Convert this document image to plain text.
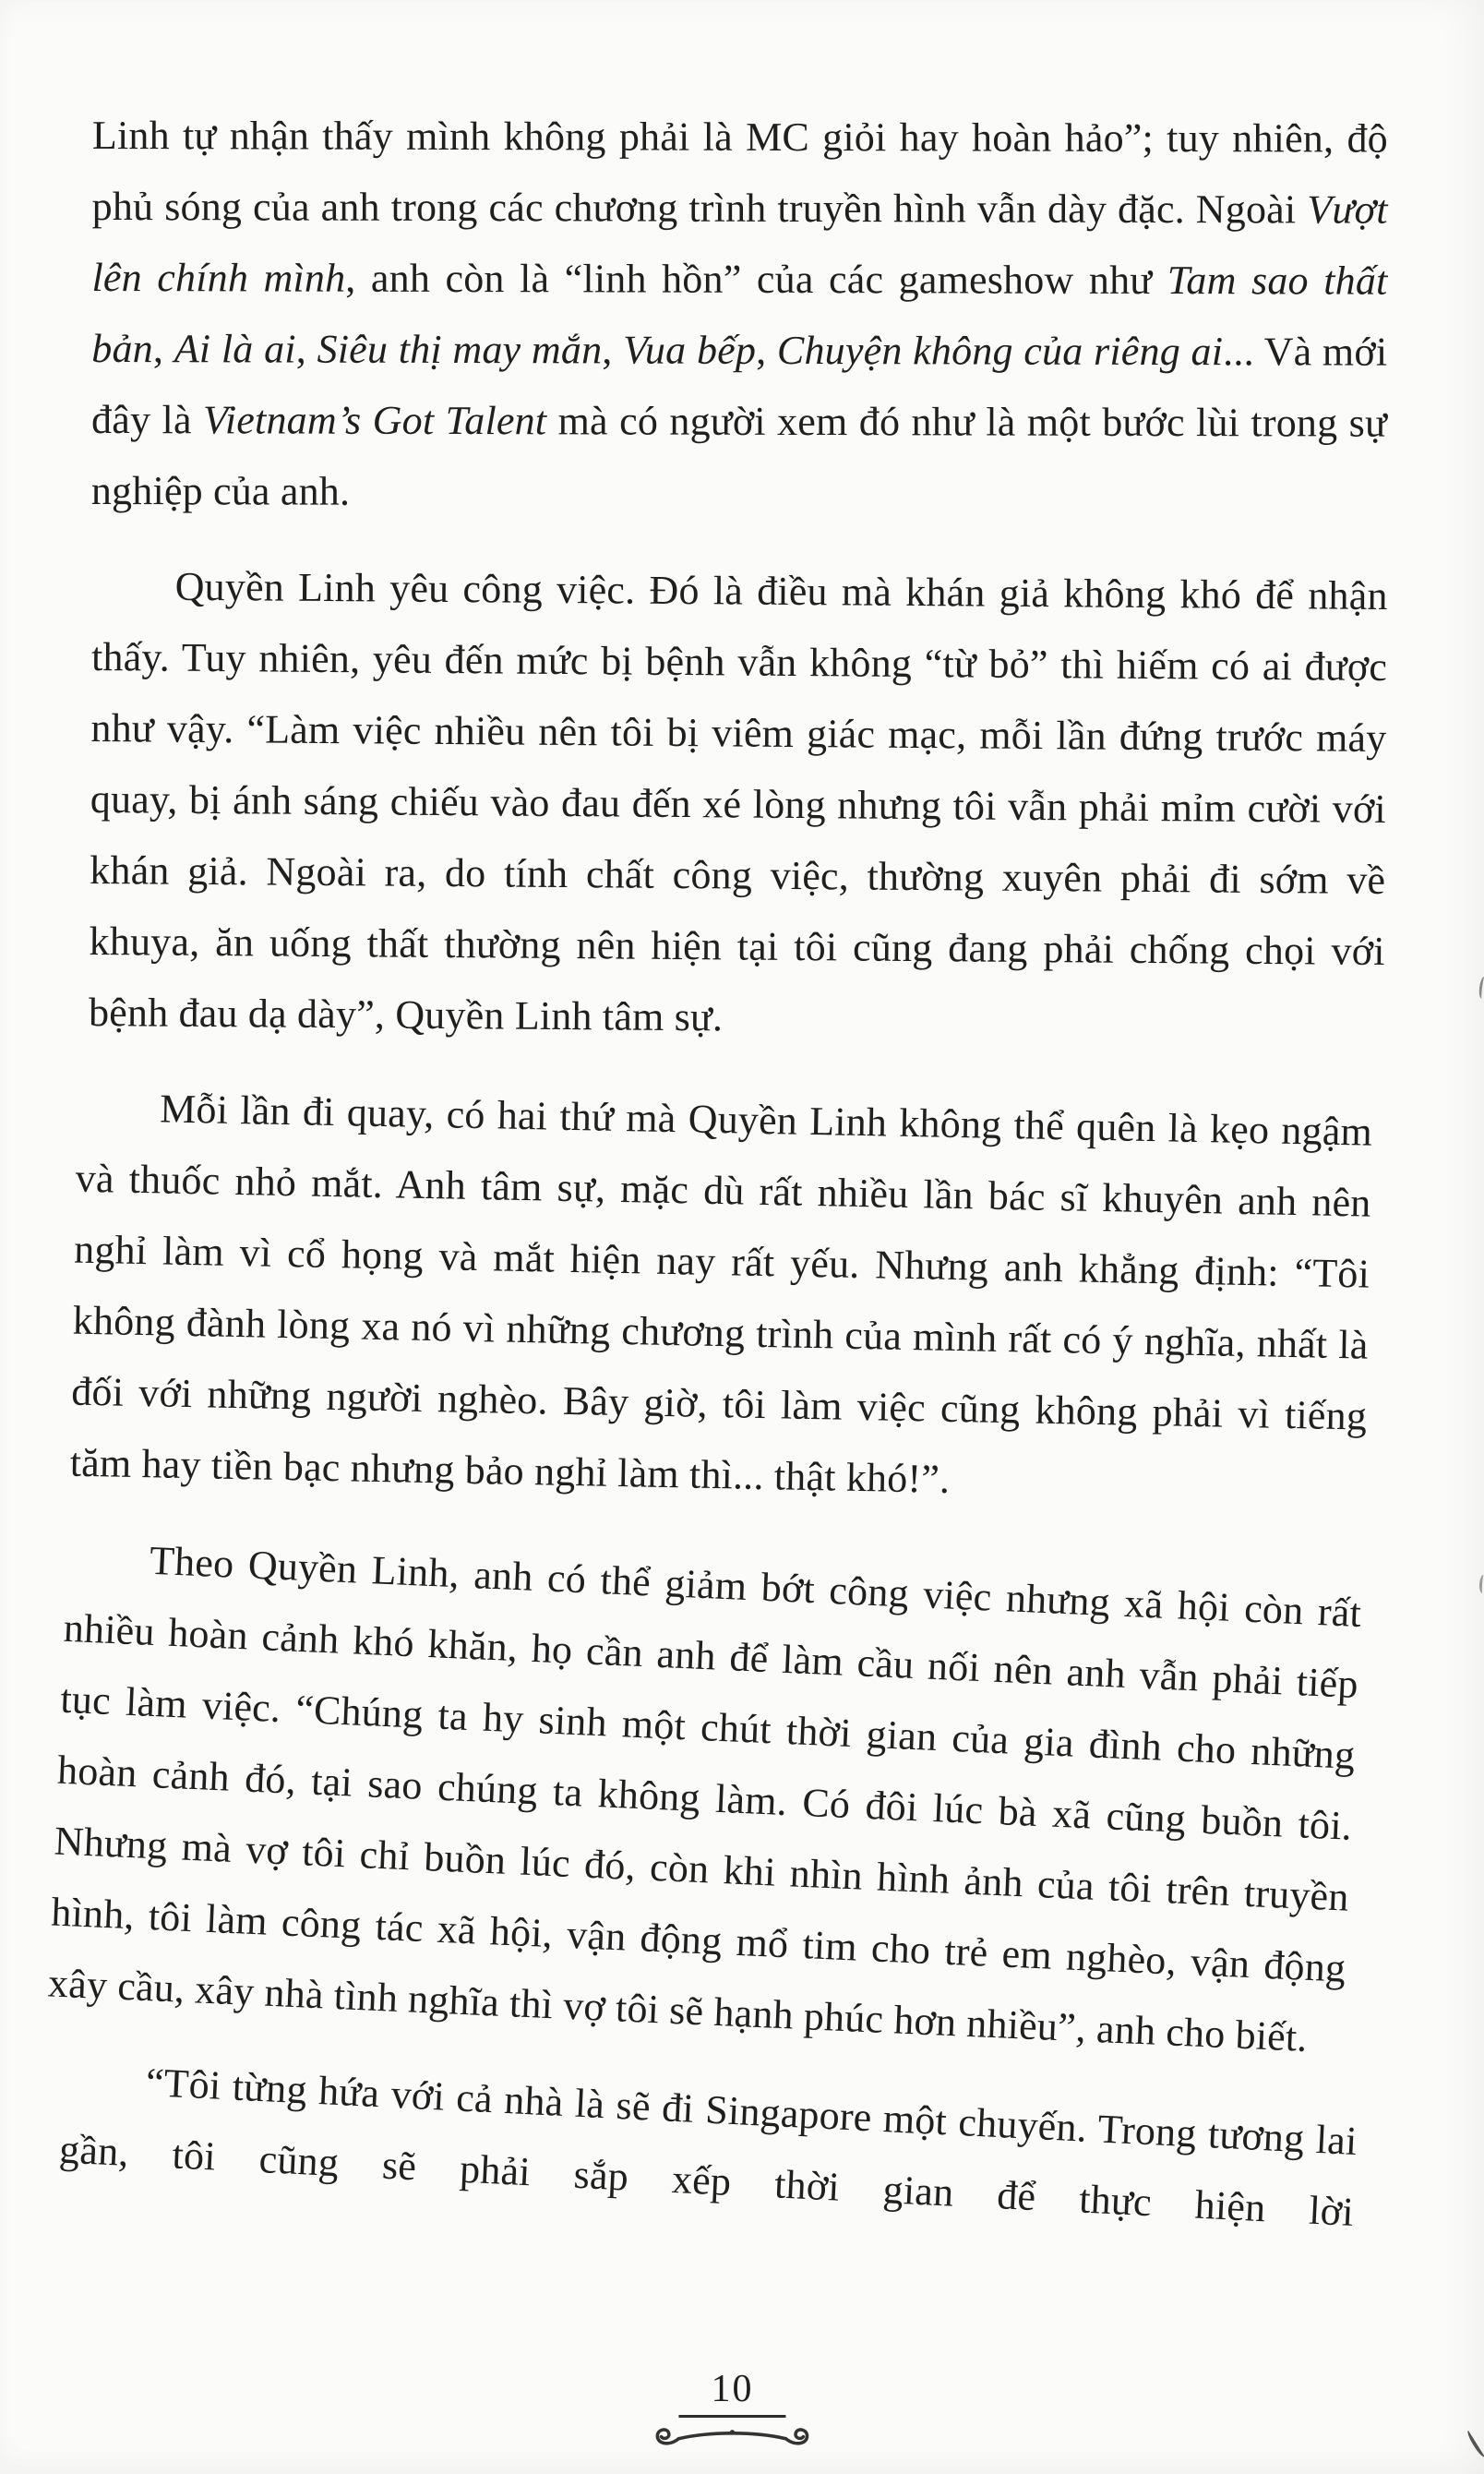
Linh tự nhận thấy mình không phải là MC giỏi hay hoàn hảo”; tuy nhiên, độ phủ sóng của anh trong các chương trình truyền hình vẫn dày đặc. Ngoài Vượt lên chính mình, anh còn là “linh hồn” của các gameshow như Tam sao thất bản, Ai là ai, Siêu thị may mắn, Vua bếp, Chuyện không của riêng ai... Và mới đây là Vietnam’s Got Talent mà có người xem đó như là một bước lùi trong sự nghiệp của anh.

Quyền Linh yêu công việc. Đó là điều mà khán giả không khó để nhận thấy. Tuy nhiên, yêu đến mức bị bệnh vẫn không “từ bỏ” thì hiếm có ai được như vậy. “Làm việc nhiều nên tôi bị viêm giác mạc, mỗi lần đứng trước máy quay, bị ánh sáng chiếu vào đau đến xé lòng nhưng tôi vẫn phải mỉm cười với khán giả. Ngoài ra, do tính chất công việc, thường xuyên phải đi sớm về khuya, ăn uống thất thường nên hiện tại tôi cũng đang phải chống chọi với bệnh đau dạ dày”, Quyền Linh tâm sự.

Mỗi lần đi quay, có hai thứ mà Quyền Linh không thể quên là kẹo ngậm và thuốc nhỏ mắt. Anh tâm sự, mặc dù rất nhiều lần bác sĩ khuyên anh nên nghỉ làm vì cổ họng và mắt hiện nay rất yếu. Nhưng anh khẳng định: “Tôi không đành lòng xa nó vì những chương trình của mình rất có ý nghĩa, nhất là đối với những người nghèo. Bây giờ, tôi làm việc cũng không phải vì tiếng tăm hay tiền bạc nhưng bảo nghỉ làm thì... thật khó!”.

Theo Quyền Linh, anh có thể giảm bớt công việc nhưng xã hội còn rất nhiều hoàn cảnh khó khăn, họ cần anh để làm cầu nối nên anh vẫn phải tiếp tục làm việc. “Chúng ta hy sinh một chút thời gian của gia đình cho những hoàn cảnh đó, tại sao chúng ta không làm. Có đôi lúc bà xã cũng buồn tôi. Nhưng mà vợ tôi chỉ buồn lúc đó, còn khi nhìn hình ảnh của tôi trên truyền hình, tôi làm công tác xã hội, vận động mổ tim cho trẻ em nghèo, vận động xây cầu, xây nhà tình nghĩa thì vợ tôi sẽ hạnh phúc hơn nhiều”, anh cho biết.

“Tôi từng hứa với cả nhà là sẽ đi Singapore một chuyến. Trong tương lai gần, tôi cũng sẽ phải sắp xếp thời gian để thực hiện lời

10
